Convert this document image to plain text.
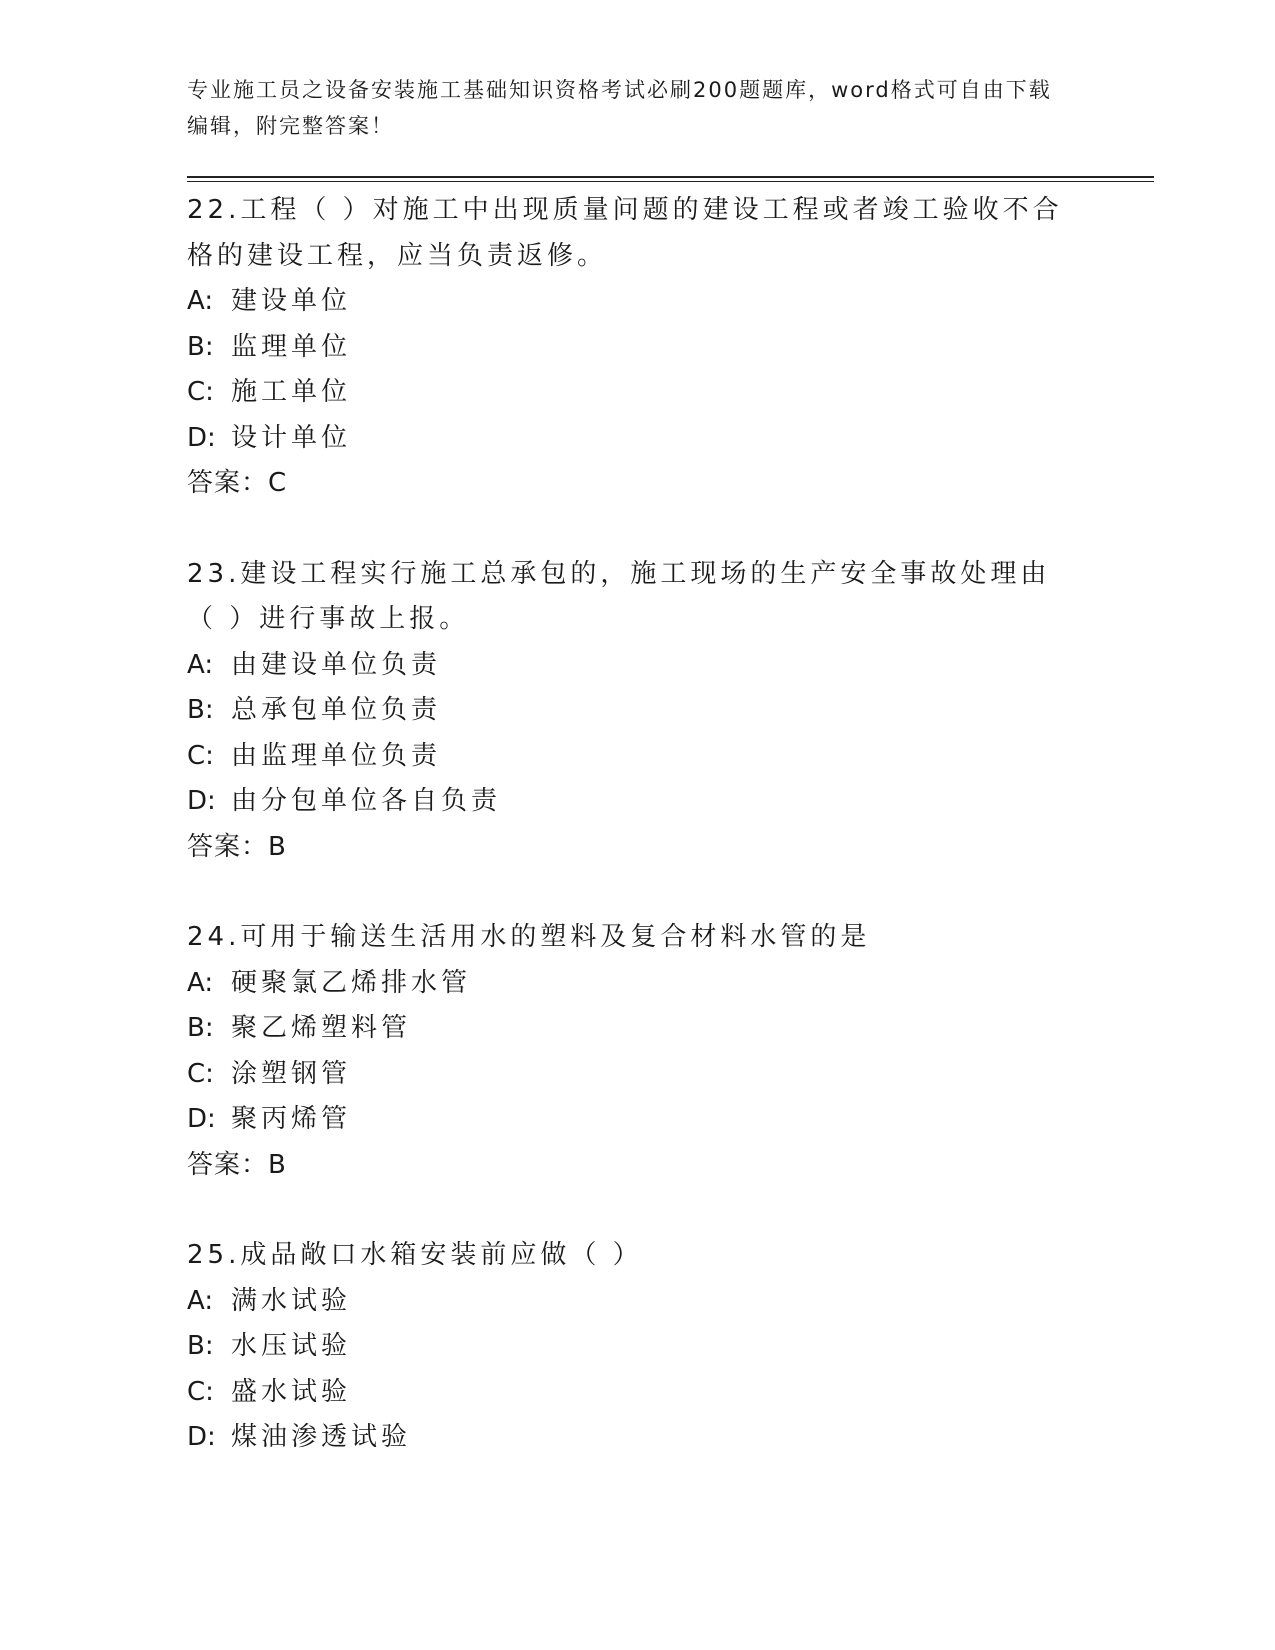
专业施工员之设备安装施工基础知识资格考试必刷200题题库，word格式可自由下载编辑，附完整答案！
22.工程（ ）对施工中出现质量问题的建设工程或者竣工验收不合格的建设工程，应当负责返修。
A: 建设单位
B: 监理单位
C: 施工单位
D: 设计单位
答案：C
23.建设工程实行施工总承包的，施工现场的生产安全事故处理由（ ）进行事故上报。
A: 由建设单位负责
B: 总承包单位负责
C: 由监理单位负责
D: 由分包单位各自负责
答案：B
24.可用于输送生活用水的塑料及复合材料水管的是
A: 硬聚氯乙烯排水管
B: 聚乙烯塑料管
C: 涂塑钢管
D: 聚丙烯管
答案：B
25.成品敞口水箱安装前应做（ ）
A: 满水试验
B: 水压试验
C: 盛水试验
D: 煤油渗透试验
